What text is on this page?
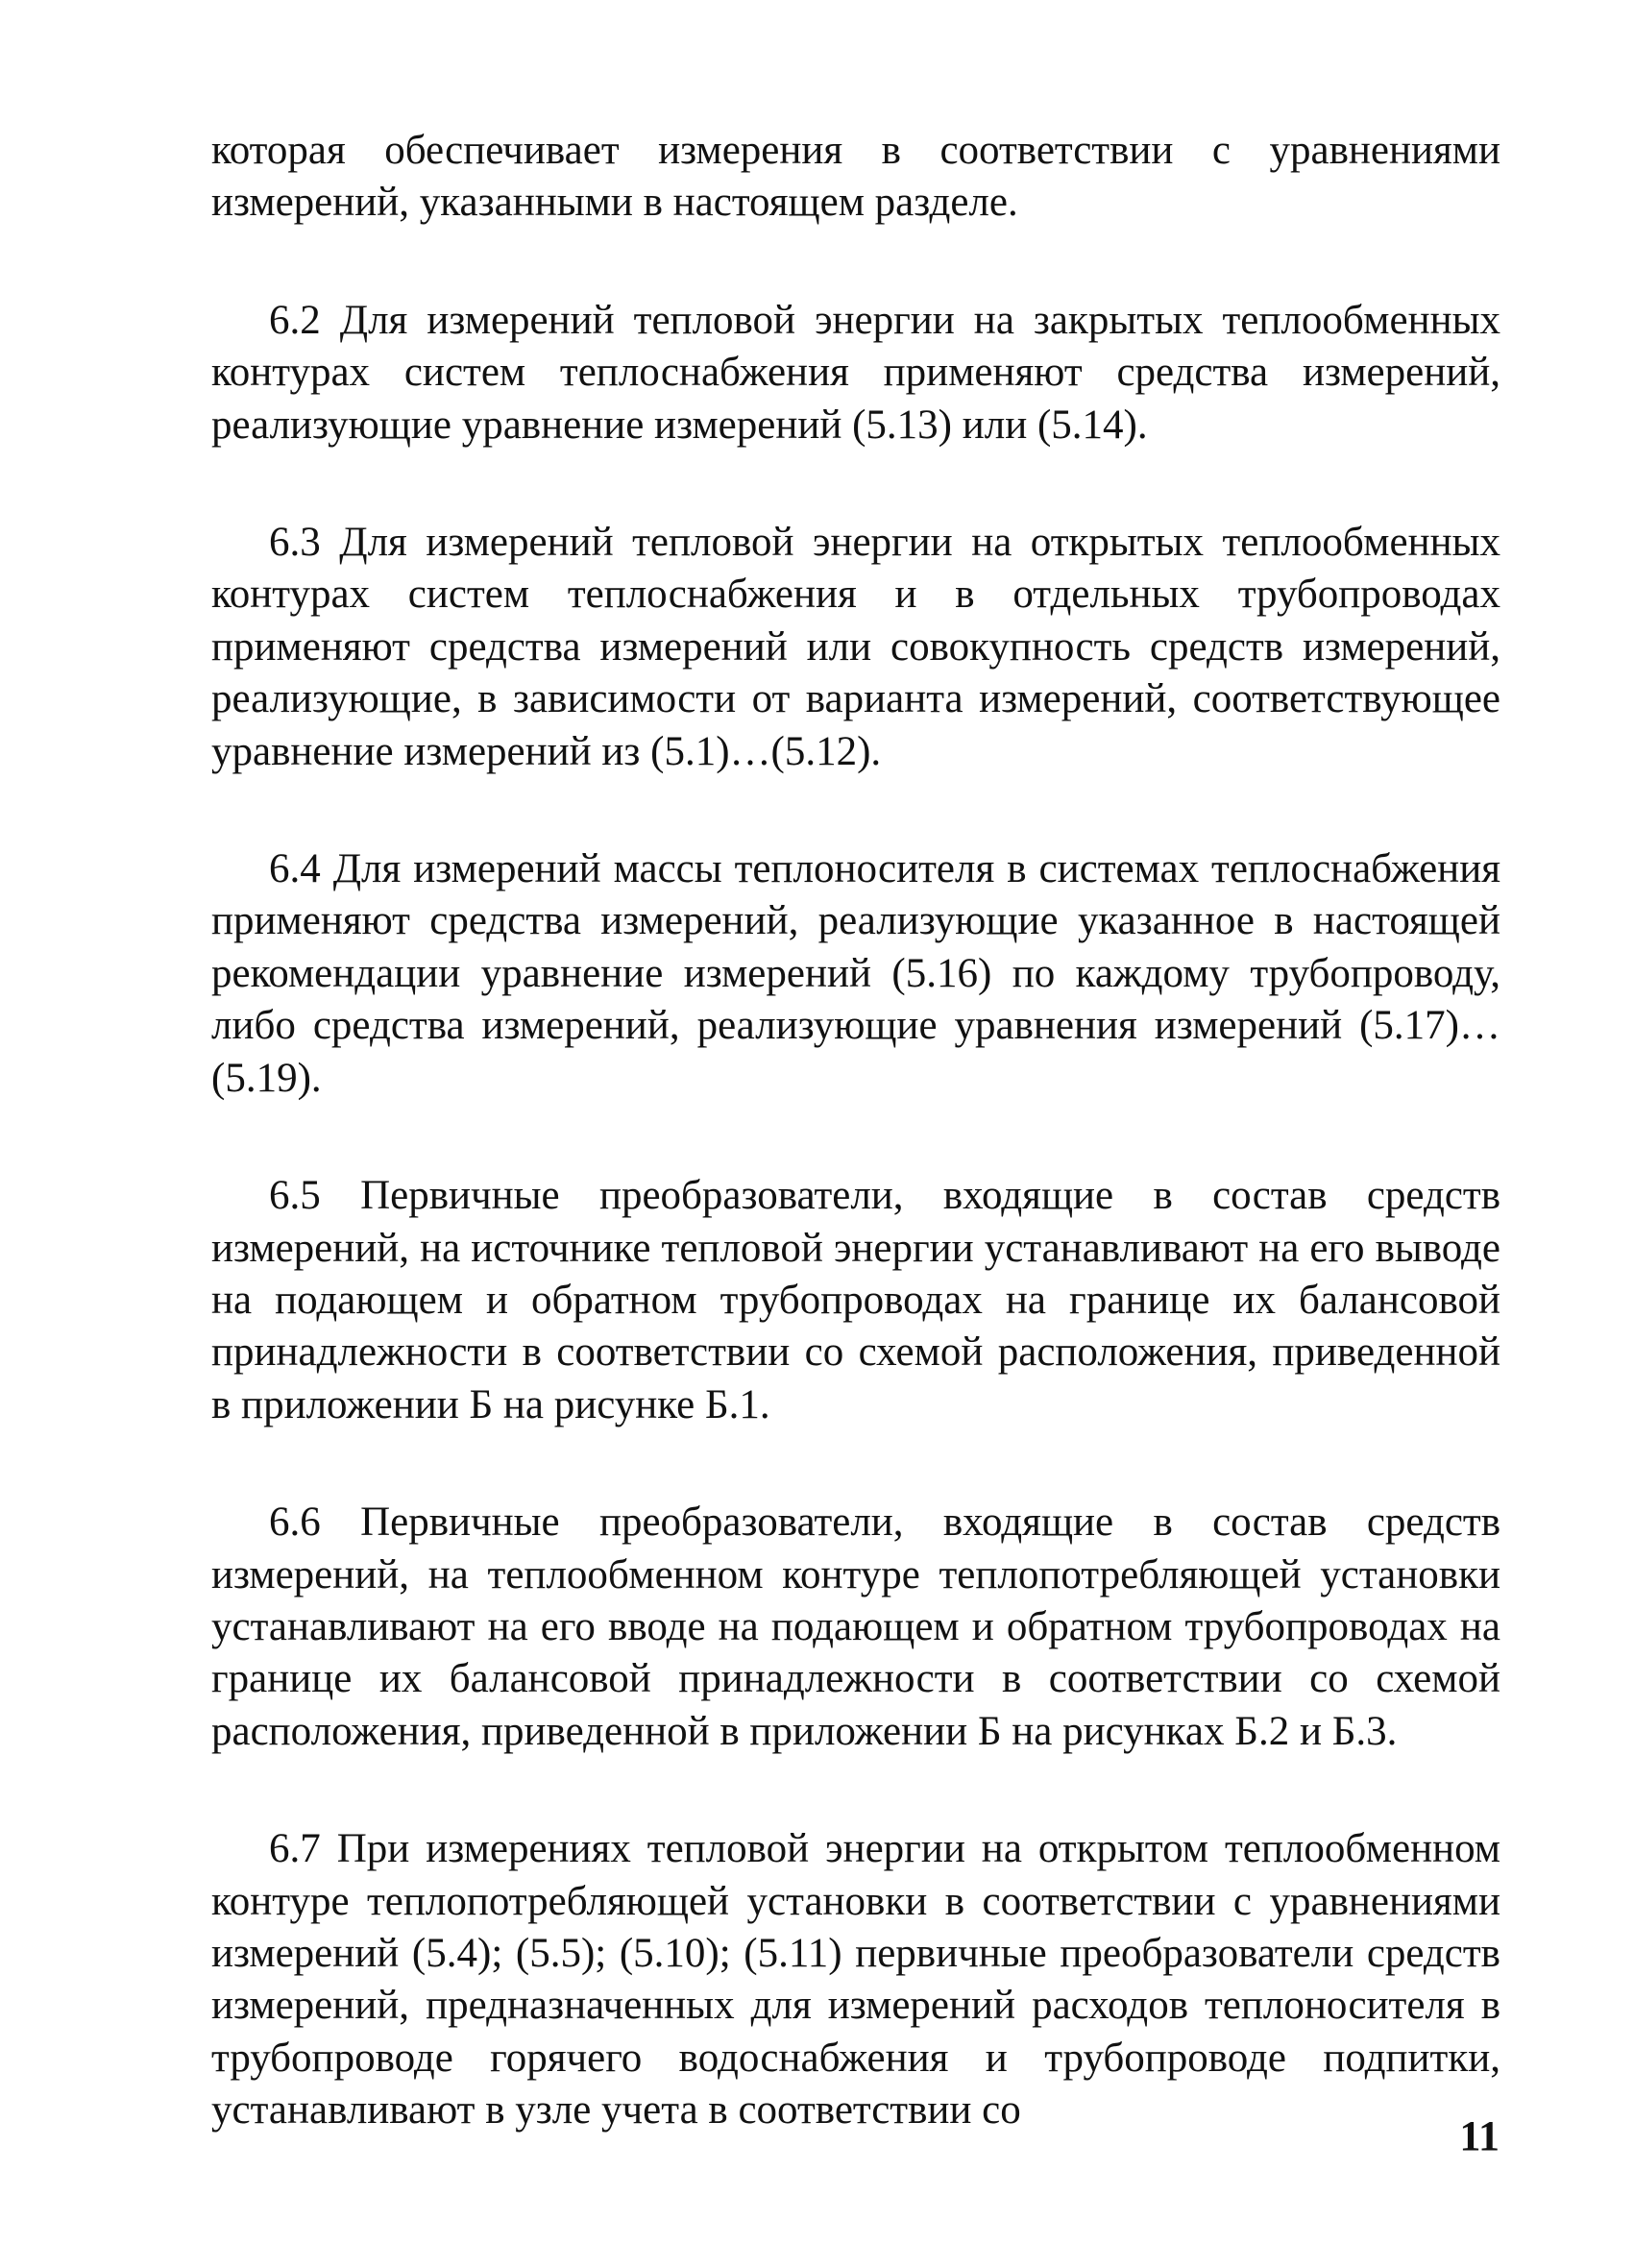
которая обеспечивает измерения в соответствии с уравнениями измерений, указанными в настоящем разделе.

6.2 Для измерений тепловой энергии на закрытых теплообменных контурах систем теплоснабжения применяют средства измерений, реализующие уравнение измерений (5.13) или (5.14).

6.3 Для измерений тепловой энергии на открытых теплообменных контурах систем теплоснабжения и в отдельных трубопроводах применяют средства измерений или совокупность средств измерений, реализующие, в зависимости от варианта измерений, соответствующее уравнение измерений из (5.1)…(5.12).

6.4 Для измерений массы теплоносителя в системах теплоснабжения применяют средства измерений, реализующие указанное в настоящей рекомендации уравнение измерений (5.16) по каждому трубопроводу, либо средства измерений, реализующие уравнения измерений (5.17)…(5.19).

6.5 Первичные преобразователи, входящие в состав средств измерений, на источнике тепловой энергии устанавливают на его выводе на подающем и обратном трубопроводах на границе их балансовой принадлежности в соответствии со схемой расположения, приведенной в приложении Б на рисунке Б.1.

6.6 Первичные преобразователи, входящие в состав средств измерений, на теплообменном контуре теплопотребляющей установки устанавливают на его вводе на подающем и обратном трубопроводах на границе их балансовой принадлежности в соответствии со схемой расположения, приведенной в приложении Б на рисунках Б.2 и Б.3.

6.7 При измерениях тепловой энергии на открытом теплообменном контуре теплопотребляющей установки в соответствии с уравнениями измерений (5.4); (5.5); (5.10); (5.11) первичные преобразователи средств измерений, предназначенных для измерений расходов теплоносителя в трубопроводе горячего водоснабжения и трубопроводе подпитки, устанавливают в узле учета в соответствии со

11
